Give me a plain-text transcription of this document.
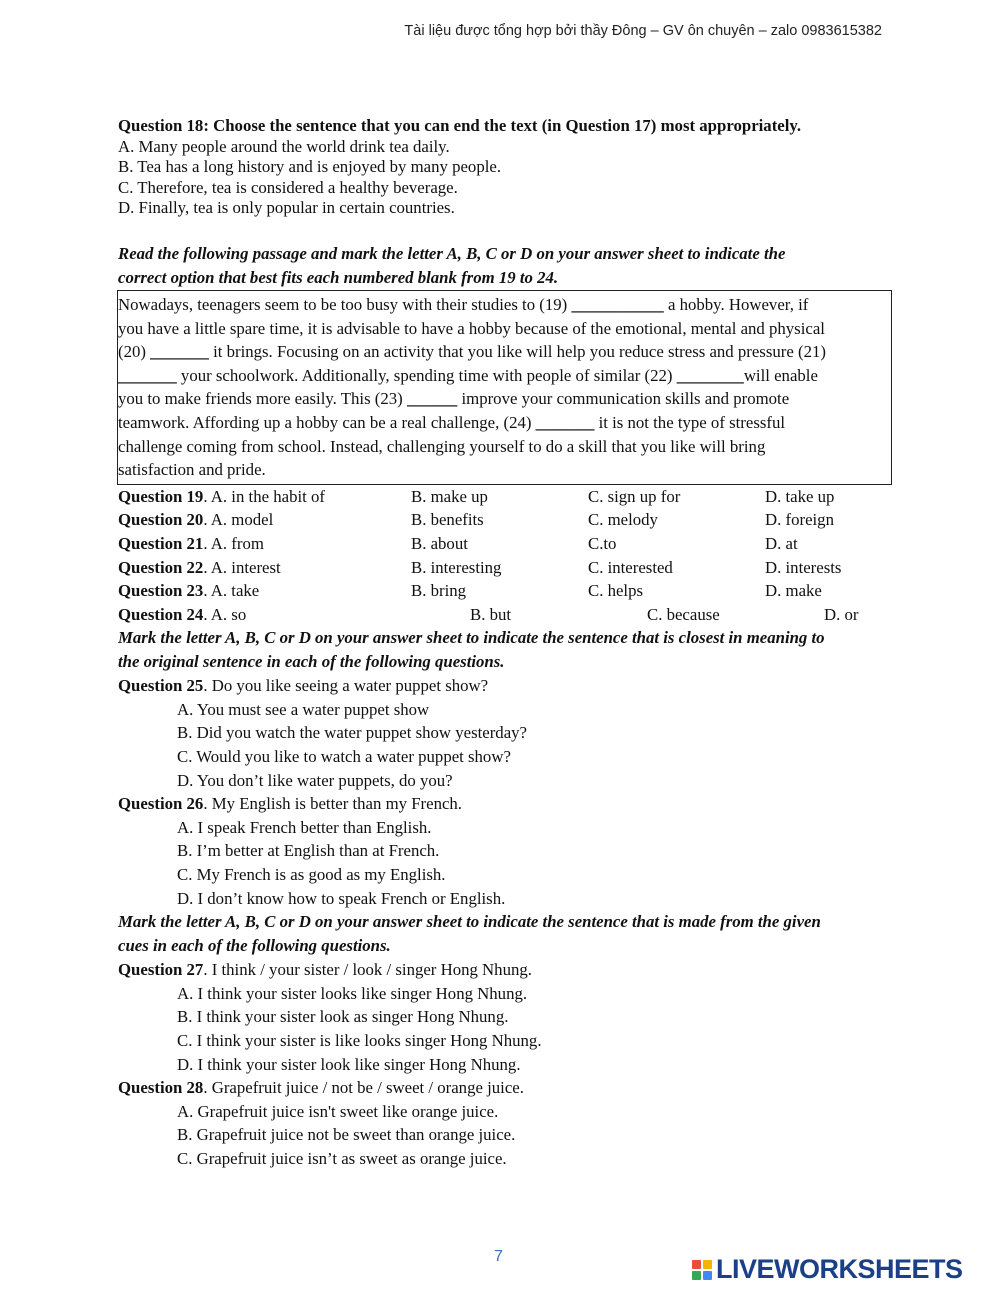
Tài liệu được tổng hợp bởi thầy Đông – GV ôn chuyên – zalo 0983615382
Question 18: Choose the sentence that you can end the text (in Question 17) most appropriately.
A. Many people around the world drink tea daily.
B. Tea has a long history and is enjoyed by many people.
C. Therefore, tea is considered a healthy beverage.
D. Finally, tea is only popular in certain countries.
Read the following passage and mark the letter A, B, C or D on your answer sheet to indicate the
correct option that best fits each numbered blank from 19 to 24.
Nowadays, teenagers seem to be too busy with their studies to (19) ___________ a hobby. However, if
you have a little spare time, it is advisable to have a hobby because of the emotional, mental and physical
(20) _______ it brings. Focusing on an activity that you like will help you reduce stress and pressure (21)
_______ your schoolwork. Additionally, spending time with people of similar (22) ________will enable
you to make friends more easily. This (23) ______ improve your communication skills and promote
teamwork. Affording up a hobby can be a real challenge, (24) _______ it is not the type of stressful
challenge coming from school. Instead, challenging yourself to do a skill that you like will bring
satisfaction and pride.
Question 19. A. in the habit of	B. make up	C. sign up for	D. take up
Question 20. A. model	B. benefits	C. melody	D. foreign
Question 21. A. from	B. about	C.to	D. at
Question 22. A. interest	B. interesting	C. interested	D. interests
Question 23. A. take	B. bring	C. helps	D. make
Question 24. A. so	B. but	C. because	D. or
Mark the letter A, B, C or D on your answer sheet to indicate the sentence that is closest in meaning to
the original sentence in each of the following questions.
Question 25. Do you like seeing a water puppet show?
A. You must see a water puppet show
B. Did you watch the water puppet show yesterday?
C. Would you like to watch a water puppet show?
D. You don’t like water puppets, do you?
Question 26. My English is better than my French.
A. I speak French better than English.
B. I’m better at English than at French.
C. My French is as good as my English.
D. I don’t know how to speak French or English.
Mark the letter A, B, C or D on your answer sheet to indicate the sentence that is made from the given
cues in each of the following questions.
Question 27. I think / your sister / look / singer Hong Nhung.
A. I think your sister looks like singer Hong Nhung.
B. I think your sister look as singer Hong Nhung.
C. I think your sister is like looks singer Hong Nhung.
D. I think your sister look like singer Hong Nhung.
Question 28. Grapefruit juice / not be / sweet / orange juice.
A. Grapefruit juice isn't sweet like orange juice.
B. Grapefruit juice not be sweet than orange juice.
C. Grapefruit juice isn’t as sweet as orange juice.
7	LIVEWORKSHEETS
